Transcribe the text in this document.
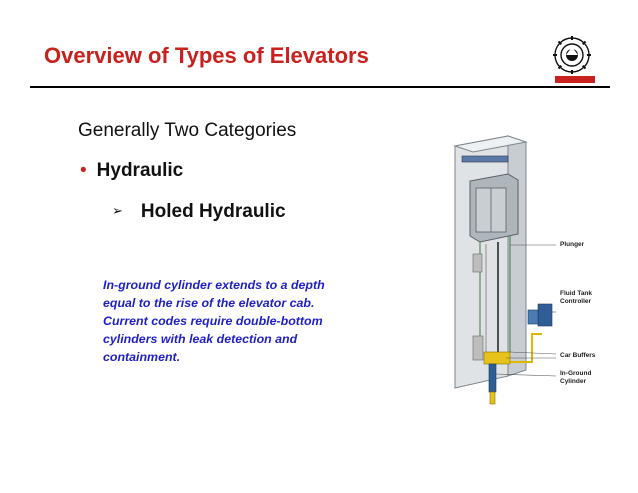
Overview of Types of Elevators
Generally Two Categories
• Hydraulic
➢ Holed Hydraulic
In-ground cylinder extends to a depth
equal to the rise of the elevator cab.
Current codes require double-bottom
cylinders with leak detection and
containment.
Plunger
Fluid Tank
Controller
Car Buffers
In-Ground
Cylinder
